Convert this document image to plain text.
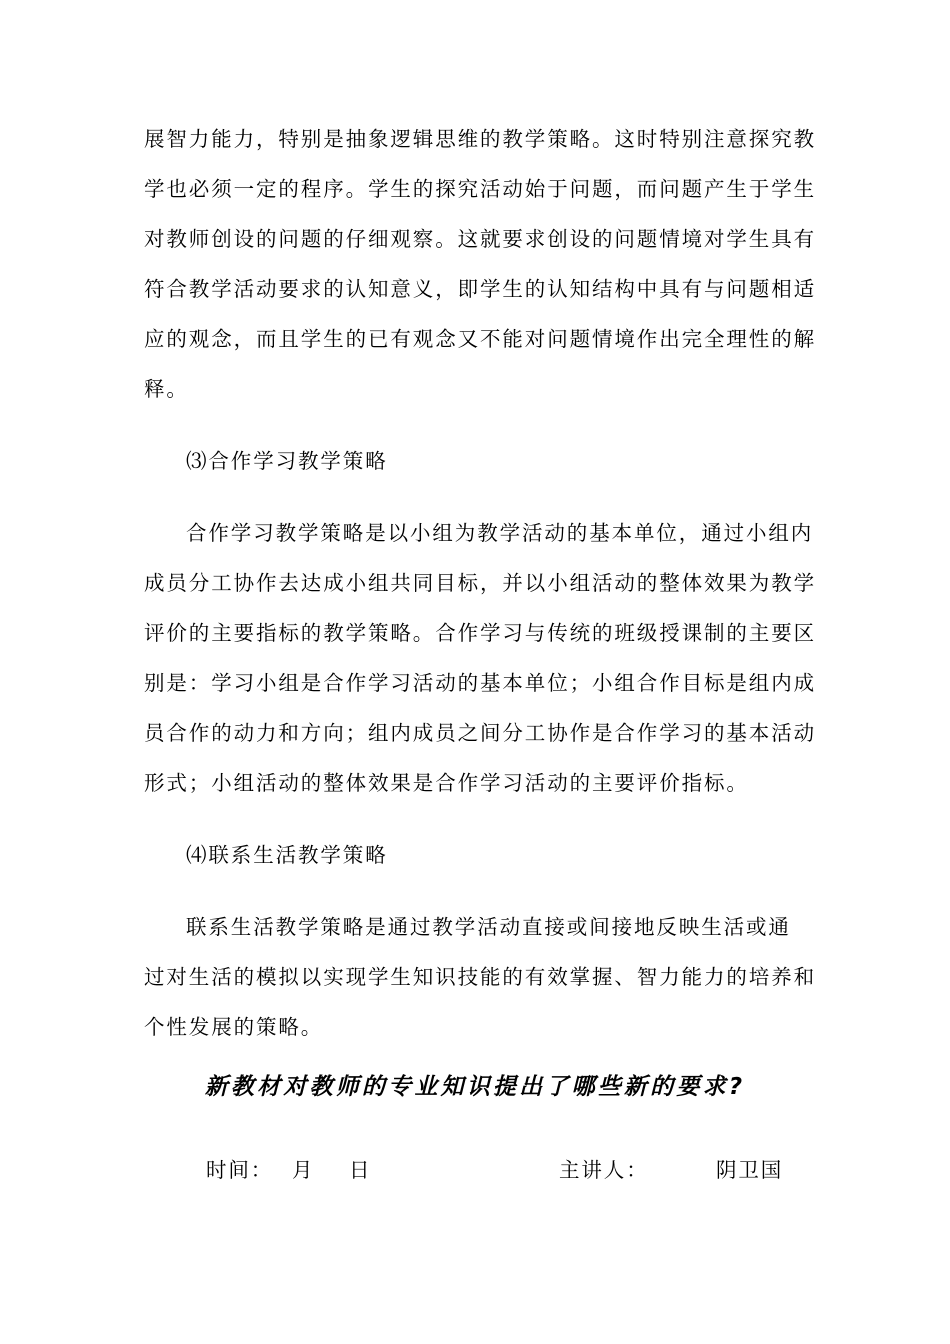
展智力能力，特别是抽象逻辑思维的教学策略。这时特别注意探究教
学也必须一定的程序。学生的探究活动始于问题，而问题产生于学生
对教师创设的问题的仔细观察。这就要求创设的问题情境对学生具有
符合教学活动要求的认知意义，即学生的认知结构中具有与问题相适
应的观念，而且学生的已有观念又不能对问题情境作出完全理性的解
释。
⑶合作学习教学策略
合作学习教学策略是以小组为教学活动的基本单位，通过小组内
成员分工协作去达成小组共同目标，并以小组活动的整体效果为教学
评价的主要指标的教学策略。合作学习与传统的班级授课制的主要区
别是：学习小组是合作学习活动的基本单位；小组合作目标是组内成
员合作的动力和方向；组内成员之间分工协作是合作学习的基本活动
形式；小组活动的整体效果是合作学习活动的主要评价指标。
⑷联系生活教学策略
联系生活教学策略是通过教学活动直接或间接地反映生活或通
过对生活的模拟以实现学生知识技能的有效掌握、智力能力的培养和
个性发展的策略。
新教材对教师的专业知识提出了哪些新的要求?
时间： 月 日	主讲人：	阴卫国
